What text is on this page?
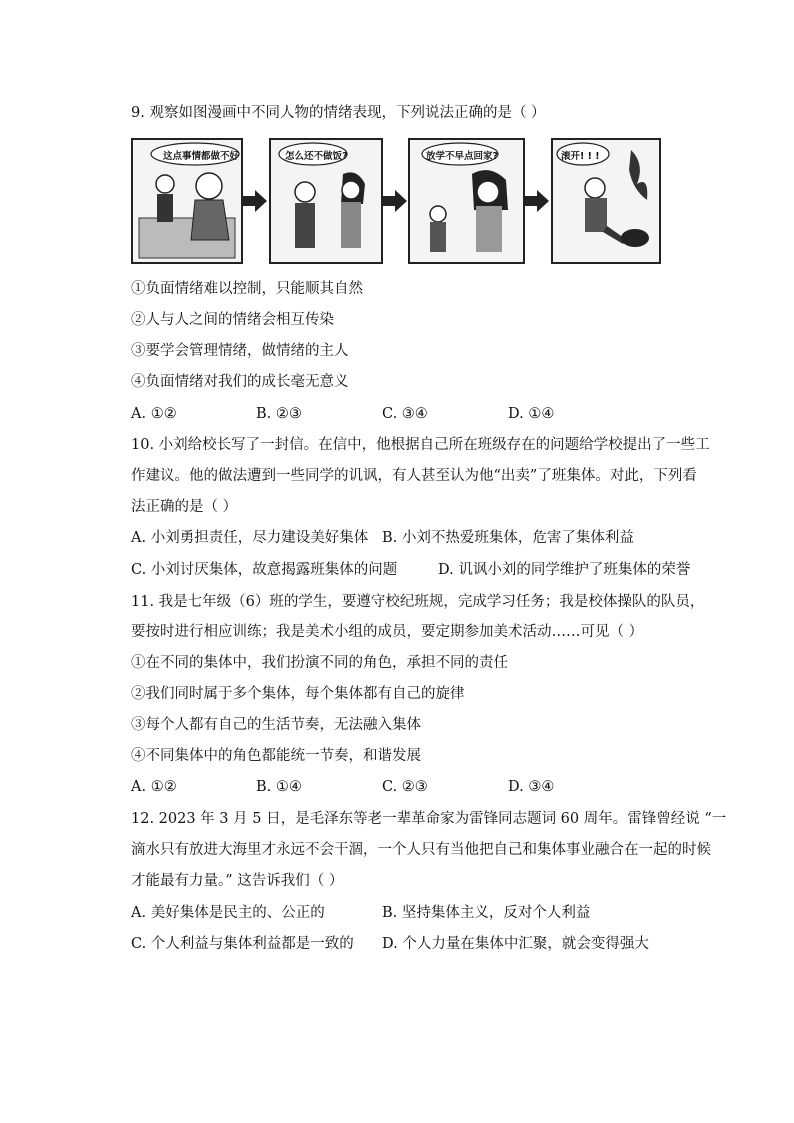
9. 观察如图漫画中不同人物的情绪表现，下列说法正确的是（ ）
这点事情都做不好	怎么还不做饭?	放学不早点回家?	滚开! ! !
①负面情绪难以控制，只能顺其自然
②人与人之间的情绪会相互传染
③要学会管理情绪，做情绪的主人
④负面情绪对我们的成长毫无意义
A. ①②	B. ②③	C. ③④	D. ①④
10. 小刘给校长写了一封信。在信中，他根据自己所在班级存在的问题给学校提出了一些工
作建议。他的做法遭到一些同学的讥讽，有人甚至认为他“出卖”了班集体。对此，下列看
法正确的是（ ）
A. 小刘勇担责任，尽力建设美好集体 B. 小刘不热爱班集体，危害了集体利益
C. 小刘讨厌集体，故意揭露班集体的问题	D. 讥讽小刘的同学维护了班集体的荣誉
11. 我是七年级（6）班的学生，要遵守校纪班规，完成学习任务；我是校体操队的队员，
要按时进行相应训练；我是美术小组的成员，要定期参加美术活动……可见（ ）
①在不同的集体中，我们扮演不同的角色，承担不同的责任
②我们同时属于多个集体，每个集体都有自己的旋律
③每个人都有自己的生活节奏，无法融入集体
④不同集体中的角色都能统一节奏，和谐发展
A. ①②	B. ①④	C. ②③	D. ③④
12. 2023 年 3 月 5 日，是毛泽东等老一辈革命家为雷锋同志题词 60 周年。雷锋曾经说 “一
滴水只有放进大海里才永远不会干涸，一个人只有当他把自己和集体事业融合在一起的时候
才能最有力量。” 这告诉我们（ ）
A. 美好集体是民主的、公正的	B. 坚持集体主义，反对个人利益
C. 个人利益与集体利益都是一致的 D. 个人力量在集体中汇聚，就会变得强大
